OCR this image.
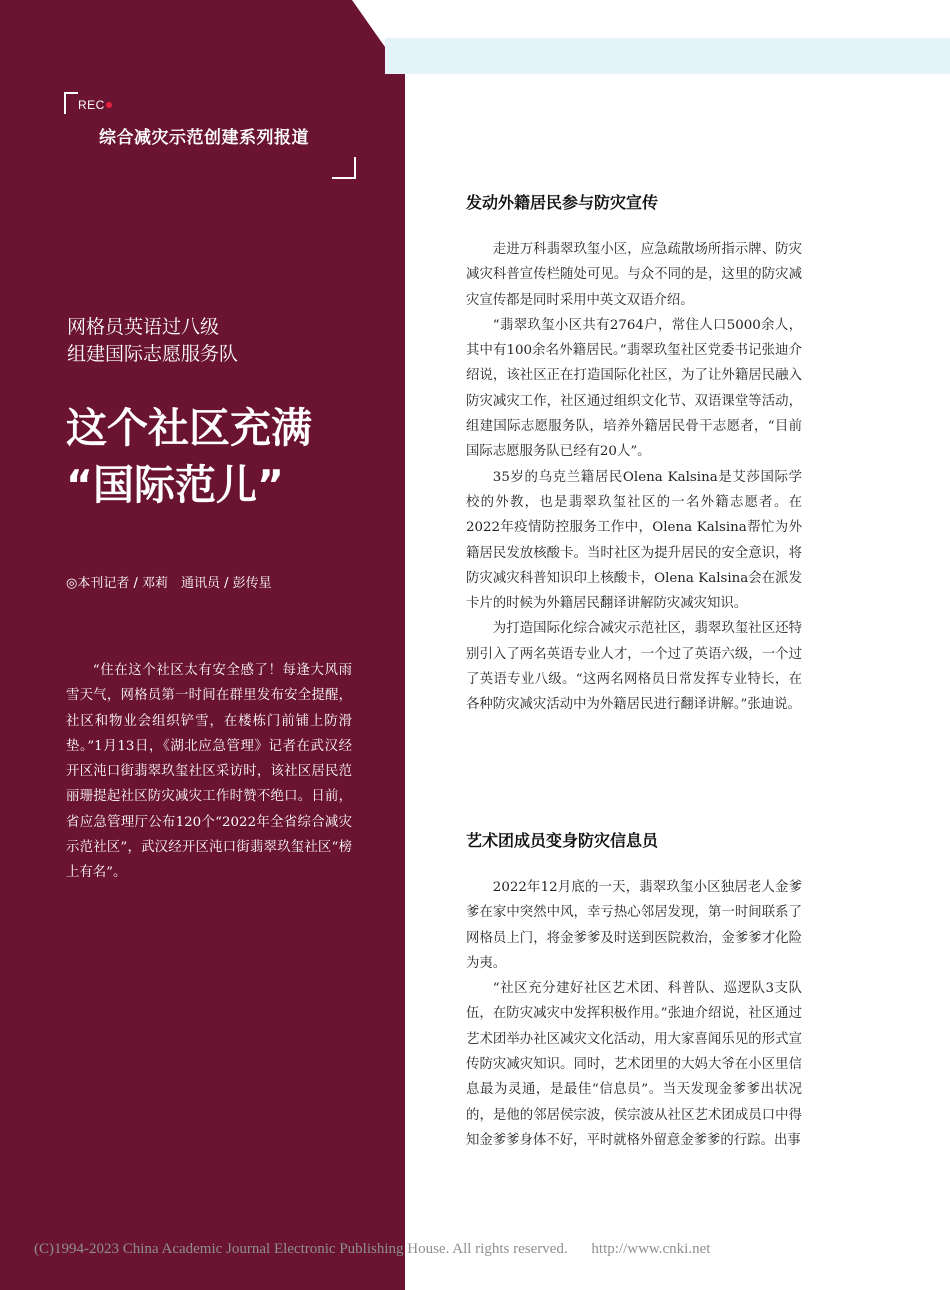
REC
综合减灾示范创建系列报道
网格员英语过八级
组建国际志愿服务队
这个社区充满
“国际范儿”
◎本刊记者 / 邓莉　通讯员 / 彭传星

“住在这个社区太有安全感了！每逢大风雨雪天气，网格员第一时间在群里发布安全提醒，社区和物业会组织铲雪，在楼栋门前铺上防滑垫。”1月13日，《湖北应急管理》记者在武汉经开区沌口街翡翠玖玺社区采访时，该社区居民范丽珊提起社区防灾减灾工作时赞不绝口。日前，省应急管理厅公布120个“2022年全省综合减灾示范社区”，武汉经开区沌口街翡翠玖玺社区“榜上有名”。

发动外籍居民参与防灾宣传

走进万科翡翠玖玺小区，应急疏散场所指示牌、防灾减灾科普宣传栏随处可见。与众不同的是，这里的防灾减灾宣传都是同时采用中英文双语介绍。

“翡翠玖玺小区共有2764户，常住人口5000余人，其中有100余名外籍居民。”翡翠玖玺社区党委书记张迪介绍说，该社区正在打造国际化社区，为了让外籍居民融入防灾减灾工作，社区通过组织文化节、双语课堂等活动，组建国际志愿服务队，培养外籍居民骨干志愿者，“目前国际志愿服务队已经有20人”。

35岁的乌克兰籍居民Olena Kalsina是艾莎国际学校的外教，也是翡翠玖玺社区的一名外籍志愿者。在2022年疫情防控服务工作中，Olena Kalsina帮忙为外籍居民发放核酸卡。当时社区为提升居民的安全意识，将防灾减灾科普知识印上核酸卡，Olena Kalsina会在派发卡片的时候为外籍居民翻译讲解防灾减灾知识。

为打造国际化综合减灾示范社区，翡翠玖玺社区还特别引入了两名英语专业人才，一个过了英语六级，一个过了英语专业八级。“这两名网格员日常发挥专业特长，在各种防灾减灾活动中为外籍居民进行翻译讲解。”张迪说。

艺术团成员变身防灾信息员

2022年12月底的一天，翡翠玖玺小区独居老人金爹爹在家中突然中风，幸亏热心邻居发现，第一时间联系了网格员上门，将金爹爹及时送到医院救治，金爹爹才化险为夷。

“社区充分建好社区艺术团、科普队、巡逻队3支队伍，在防灾减灾中发挥积极作用。”张迪介绍说，社区通过艺术团举办社区减灾文化活动，用大家喜闻乐见的形式宣传防灾减灾知识。同时，艺术团里的大妈大爷在小区里信息最为灵通，是最佳“信息员”。当天发现金爹爹出状况的，是他的邻居侯宗波，侯宗波从社区艺术团成员口中得知金爹爹身体不好，平时就格外留意金爹爹的行踪。出事

(C)1994-2023 China Academic Journal Electronic Publishing House. All rights reserved. http://www.cnki.net
